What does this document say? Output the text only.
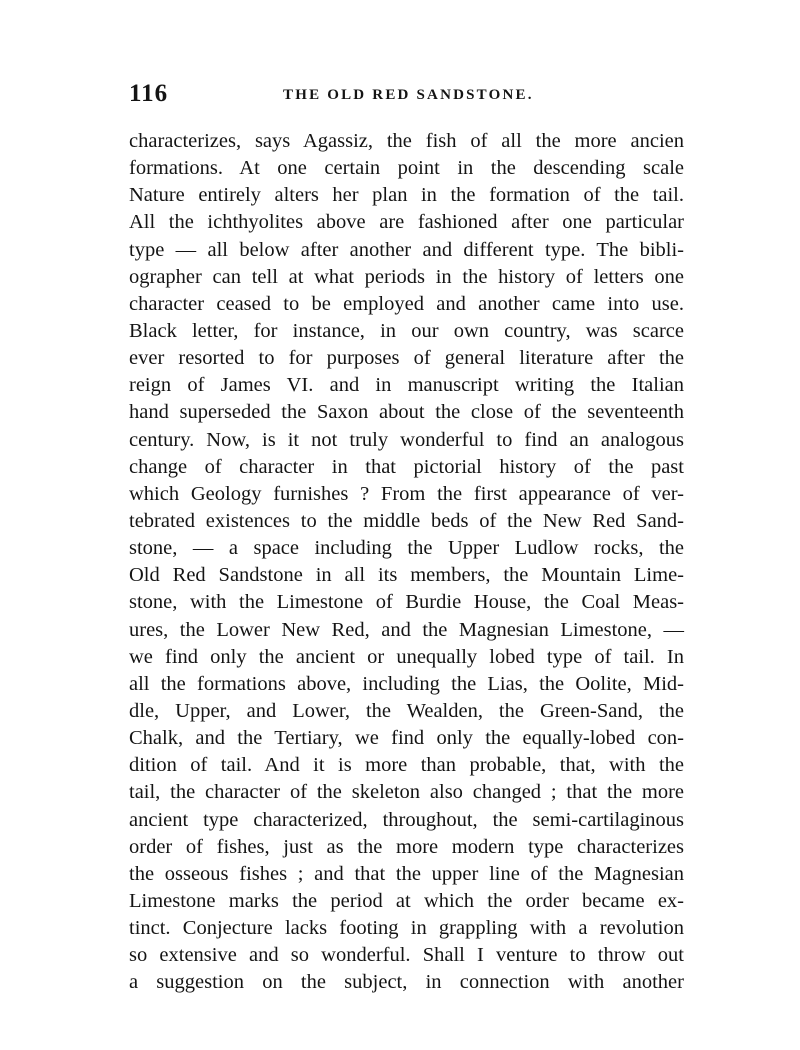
116	THE OLD RED SANDSTONE.
characterizes, says Agassiz, the fish of all the more ancien
formations. At one certain point in the descending scale
Nature entirely alters her plan in the formation of the tail.
All the ichthyolites above are fashioned after one particular
type — all below after another and different type. The bibli-
ographer can tell at what periods in the history of letters one
character ceased to be employed and another came into use.
Black letter, for instance, in our own country, was scarce
ever resorted to for purposes of general literature after the
reign of James VI. and in manuscript writing the Italian
hand superseded the Saxon about the close of the seventeenth
century. Now, is it not truly wonderful to find an analogous
change of character in that pictorial history of the past
which Geology furnishes ? From the first appearance of ver-
tebrated existences to the middle beds of the New Red Sand-
stone, — a space including the Upper Ludlow rocks, the
Old Red Sandstone in all its members, the Mountain Lime-
stone, with the Limestone of Burdie House, the Coal Meas-
ures, the Lower New Red, and the Magnesian Limestone, —
we find only the ancient or unequally lobed type of tail. In
all the formations above, including the Lias, the Oolite, Mid-
dle, Upper, and Lower, the Wealden, the Green-Sand, the
Chalk, and the Tertiary, we find only the equally-lobed con-
dition of tail. And it is more than probable, that, with the
tail, the character of the skeleton also changed ; that the more
ancient type characterized, throughout, the semi-cartilaginous
order of fishes, just as the more modern type characterizes
the osseous fishes ; and that the upper line of the Magnesian
Limestone marks the period at which the order became ex-
tinct. Conjecture lacks footing in grappling with a revolution
so extensive and so wonderful. Shall I venture to throw out
a suggestion on the subject, in connection with another
